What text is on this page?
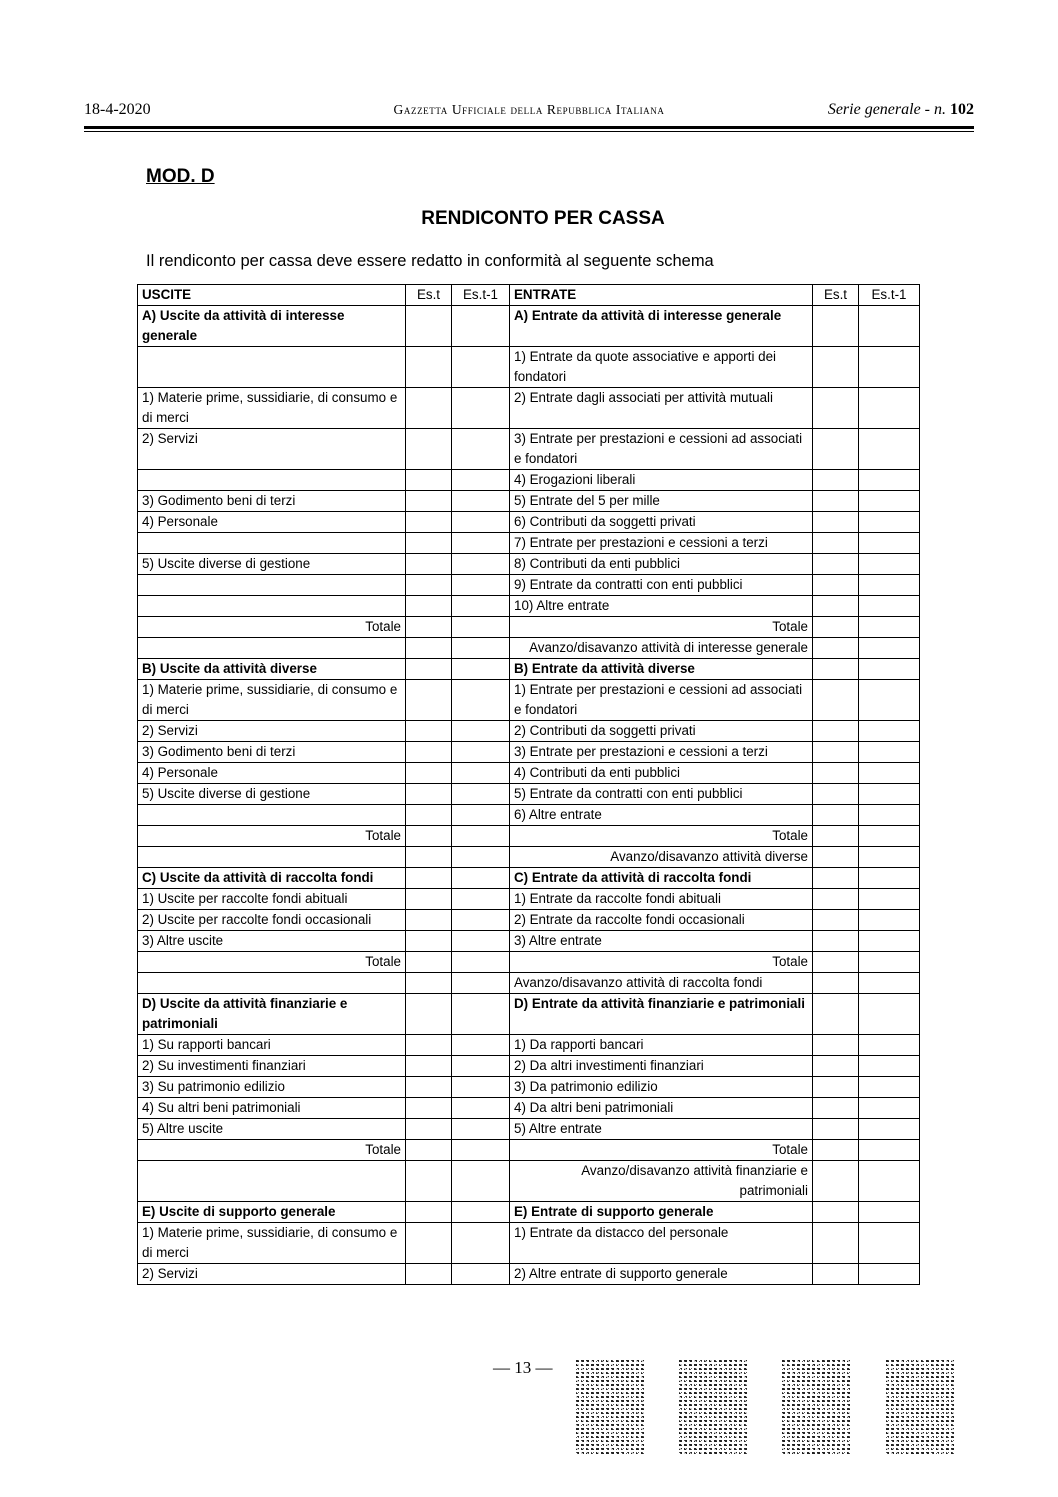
18-4-2020	Gazzetta Ufficiale della Repubblica Italiana	Serie generale - n. 102
MOD. D
RENDICONTO PER CASSA
Il rendiconto per cassa deve essere redatto in conformità al seguente schema
USCITE	Es.t	Es.t-1	ENTRATE	Es.t	Es.t-1
A) Uscite da attività di interesse generale			A) Entrate da attività di interesse generale		
			1) Entrate da quote associative e apporti dei fondatori		
1) Materie prime, sussidiarie, di consumo e di merci			2) Entrate dagli associati per attività mutuali		
2) Servizi			3) Entrate per prestazioni e cessioni ad associati e fondatori		
			4) Erogazioni liberali		
3) Godimento beni di terzi			5) Entrate del 5 per mille		
4) Personale			6) Contributi da soggetti privati		
			7) Entrate per prestazioni e cessioni a terzi		
5) Uscite diverse di gestione			8) Contributi da enti pubblici		
			9) Entrate da contratti con enti pubblici		
			10) Altre entrate		
Totale			Totale		
			Avanzo/disavanzo attività di interesse generale		
B) Uscite da attività diverse			B) Entrate da attività diverse		
1) Materie prime, sussidiarie, di consumo e di merci			1) Entrate per prestazioni e cessioni ad associati e fondatori		
2) Servizi			2) Contributi da soggetti privati		
3) Godimento beni di terzi			3) Entrate per prestazioni e cessioni a terzi		
4) Personale			4) Contributi da enti pubblici		
5) Uscite diverse di gestione			5) Entrate da contratti con enti pubblici		
			6) Altre entrate		
Totale			Totale		
			Avanzo/disavanzo attività diverse		
C) Uscite da attività di raccolta fondi			C) Entrate da attività di raccolta fondi		
1) Uscite per raccolte fondi abituali			1) Entrate da raccolte fondi abituali		
2) Uscite per raccolte fondi occasionali			2) Entrate da raccolte fondi occasionali		
3) Altre uscite			3) Altre entrate		
Totale			Totale		
			Avanzo/disavanzo attività di raccolta fondi		
D) Uscite da attività finanziarie e patrimoniali			D) Entrate da attività finanziarie e patrimoniali		
1) Su rapporti bancari			1) Da rapporti bancari		
2) Su investimenti finanziari			2) Da altri investimenti finanziari		
3) Su patrimonio edilizio			3) Da patrimonio edilizio		
4) Su altri beni patrimoniali			4) Da altri beni patrimoniali		
5) Altre uscite			5) Altre entrate		
Totale			Totale		
			Avanzo/disavanzo attività finanziarie e patrimoniali		
E) Uscite di supporto generale			E) Entrate di supporto generale		
1) Materie prime, sussidiarie, di consumo e di merci			1) Entrate da distacco del personale		
2) Servizi			2) Altre entrate di supporto generale		
— 13 —
